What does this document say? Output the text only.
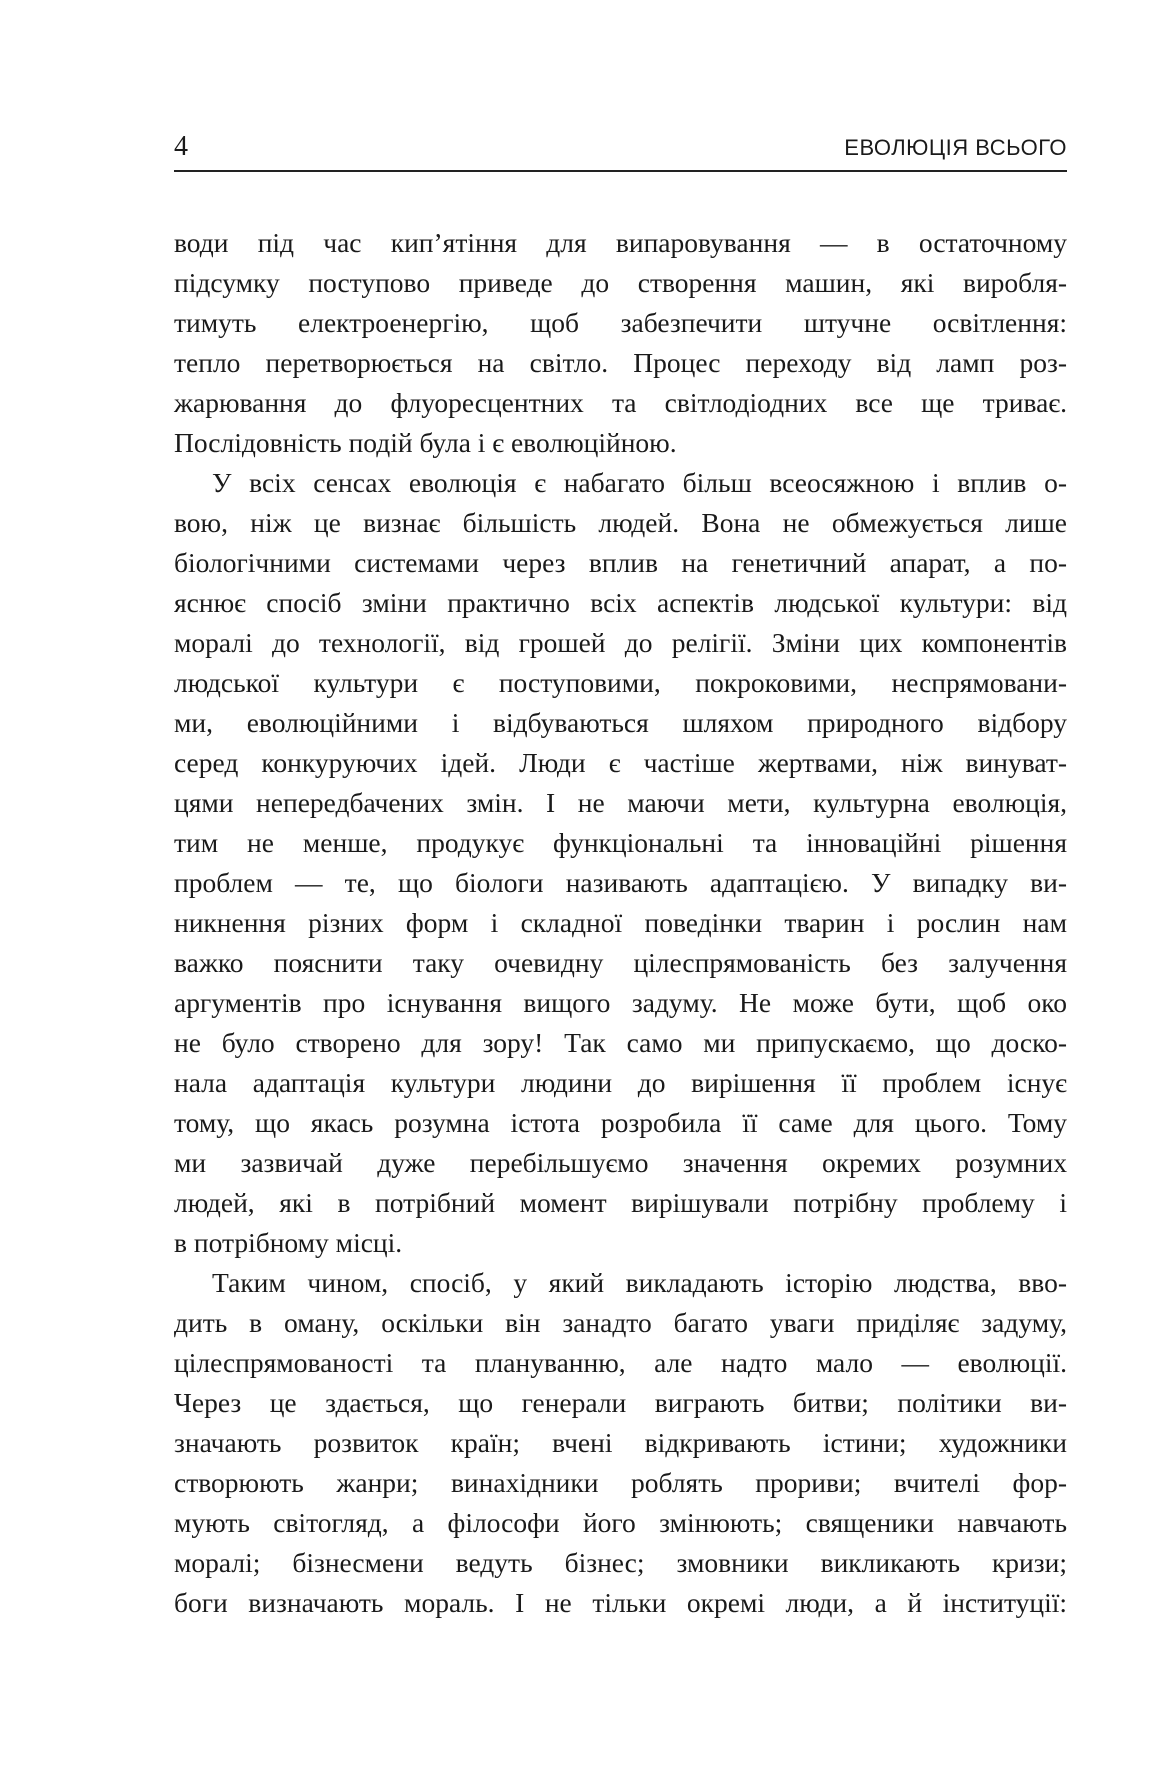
4	ЕВОЛЮЦІЯ ВСЬОГО
води під час кип’ятіння для випаровування — в остаточному
підсумку поступово приведе до створення машин, які виробля-
тимуть електроенергію, щоб забезпечити штучне освітлення:
тепло перетворюється на світло. Процес переходу від ламп роз-
жарювання до флуоресцентних та світлодіодних все ще триває.
Послідовність подій була і є еволюційною.
У всіх сенсах еволюція є набагато більш всеосяжною і вплив о-
вою, ніж це визнає більшість людей. Вона не обмежується лише
біологічними системами через вплив на генетичний апарат, а по-
яснює спосіб зміни практично всіх аспектів людської культури: від
моралі до технології, від грошей до релігії. Зміни цих компонентів
людської культури є поступовими, покроковими, неспрямовани-
ми, еволюційними і відбуваються шляхом природного відбору
серед конкуруючих ідей. Люди є частіше жертвами, ніж винуват-
цями непередбачених змін. І не маючи мети, культурна еволюція,
тим не менше, продукує функціональні та інноваційні рішення
проблем — те, що біологи називають адаптацією. У випадку ви-
никнення різних форм і складної поведінки тварин і рослин нам
важко пояснити таку очевидну цілеспрямованість без залучення
аргументів про існування вищого задуму. Не може бути, щоб око
не було створено для зору! Так само ми припускаємо, що доско-
нала адаптація культури людини до вирішення її проблем існує
тому, що якась розумна істота розробила її саме для цього. Тому
ми зазвичай дуже перебільшуємо значення окремих розумних
людей, які в потрібний момент вирішували потрібну проблему і
в потрібному місці.
Таким чином, спосіб, у який викладають історію людства, вво-
дить в оману, оскільки він занадто багато уваги приділяє задуму,
цілеспрямованості та плануванню, але надто мало — еволюції.
Через це здається, що генерали виграють битви; політики ви-
значають розвиток країн; вчені відкривають істини; художники
створюють жанри; винахідники роблять прориви; вчителі фор-
мують світогляд, а філософи його змінюють; священики навчають
моралі; бізнесмени ведуть бізнес; змовники викликають кризи;
боги визначають мораль. І не тільки окремі люди, а й інституції:
